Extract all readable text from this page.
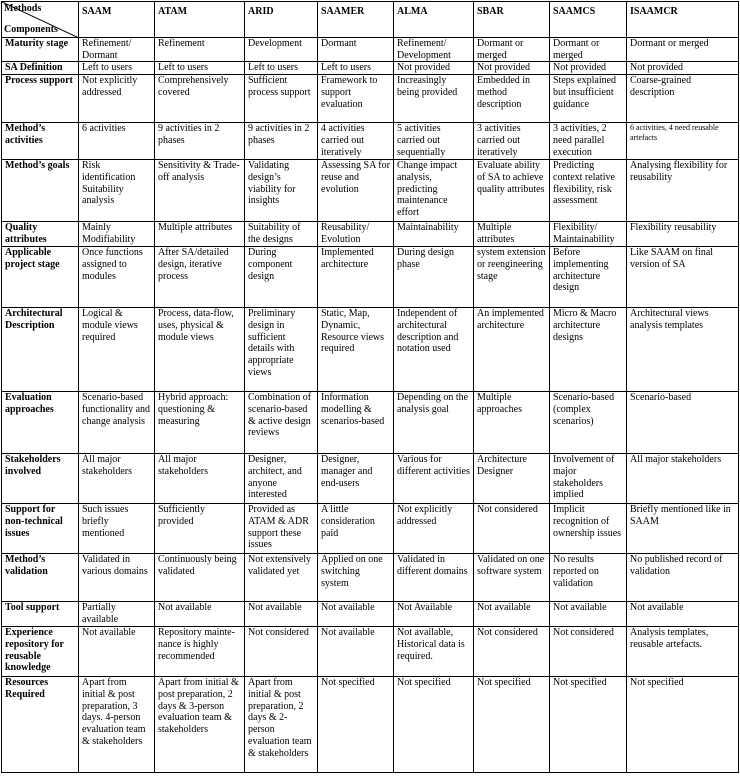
Methods
Components	SAAM	ATAM	ARID	SAAMER	ALMA	SBAR	SAAMCS	ISAAMCR
Maturity stage	Refinement/ Dormant	Refinement	Development	Dormant	Refinement/ Development	Dormant or merged	Dormant or merged	Dormant or merged
SA Definition	Left to users	Left to users	Left to users	Left to users	Not provided	Not provided	Not provided	Not provided
Process support	Not explicitly addressed	Comprehensively covered	Sufficient process support	Framework to support evaluation	Increasingly being provided	Embedded in method description	Steps explained but insufficient guidance	Coarse-grained description
Method’s activities	6 activities	9 activities in 2 phases	9 activities in 2 phases	4 activities carried out iteratively	5 activities carried out sequentially	3 activities carried out iteratively	3 activities, 2 need parallel execution	6 activities, 4 need reusable artefacts
Method’s goals	Risk identification Suitability analysis	Sensitivity & Trade-off analysis	Validating design’s viability for insights	Assessing SA for reuse and evolution	Change impact analysis, predicting maintenance effort	Evaluate ability of SA to achieve quality attributes	Predicting context relative flexibility, risk assessment	Analysing flexibility for reusability
Quality attributes	Mainly Modifiability	Multiple attributes	Suitability of the designs	Reusability/ Evolution	Maintainability	Multiple attributes	Flexibility/ Maintainability	Flexibility reusability
Applicable project stage	Once functions assigned to modules	After SA/detailed design, iterative process	During component design	Implemented architecture	During design phase	system extension or reengineering stage	Before implementing architecture design	Like SAAM on final version of SA
Architectural Description	Logical & module views required	Process, data-flow, uses, physical & module views	Preliminary design in sufficient details with appropriate views	Static, Map, Dynamic, Resource views required	Independent of architectural description and notation used	An implemented architecture	Micro & Macro architecture designs	Architectural views analysis templates
Evaluation approaches	Scenario-based functionality and change analysis	Hybrid approach: questioning & measuring	Combination of scenario-based & active design reviews	Information modelling & scenarios-based	Depending on the analysis goal	Multiple approaches	Scenario-based (complex scenarios)	Scenario-based
Stakeholders involved	All major stakeholders	All major stakeholders	Designer, architect, and anyone interested	Designer, manager and end-users	Various for different activities	Architecture Designer	Involvement of major stakeholders implied	All major stakeholders
Support for non-technical issues	Such issues briefly mentioned	Sufficiently provided	Provided as ATAM & ADR support these issues	A little consideration paid	Not explicitly addressed	Not considered	Implicit recognition of ownership issues	Briefly mentioned like in SAAM
Method’s validation	Validated in various domains	Continuously being validated	Not extensively validated yet	Applied on one switching system	Validated in different domains	Validated on one software system	No results reported on validation	No published record of validation
Tool support	Partially available	Not available	Not available	Not available	Not Available	Not available	Not available	Not available
Experience repository for reusable knowledge	Not available	Repository mainte-nance is highly recommended	Not considered	Not available	Not available, Historical data is required.	Not considered	Not considered	Analysis templates, reusable artefacts.
Resources Required	Apart from initial & post preparation, 3 days. 4-person evaluation team & stakeholders	Apart from initial & post preparation, 2 days & 3-person evaluation team & stakeholders	Apart from initial & post preparation, 2 days & 2-person evaluation team & stakeholders	Not specified	Not specified	Not specified	Not specified	Not specified
